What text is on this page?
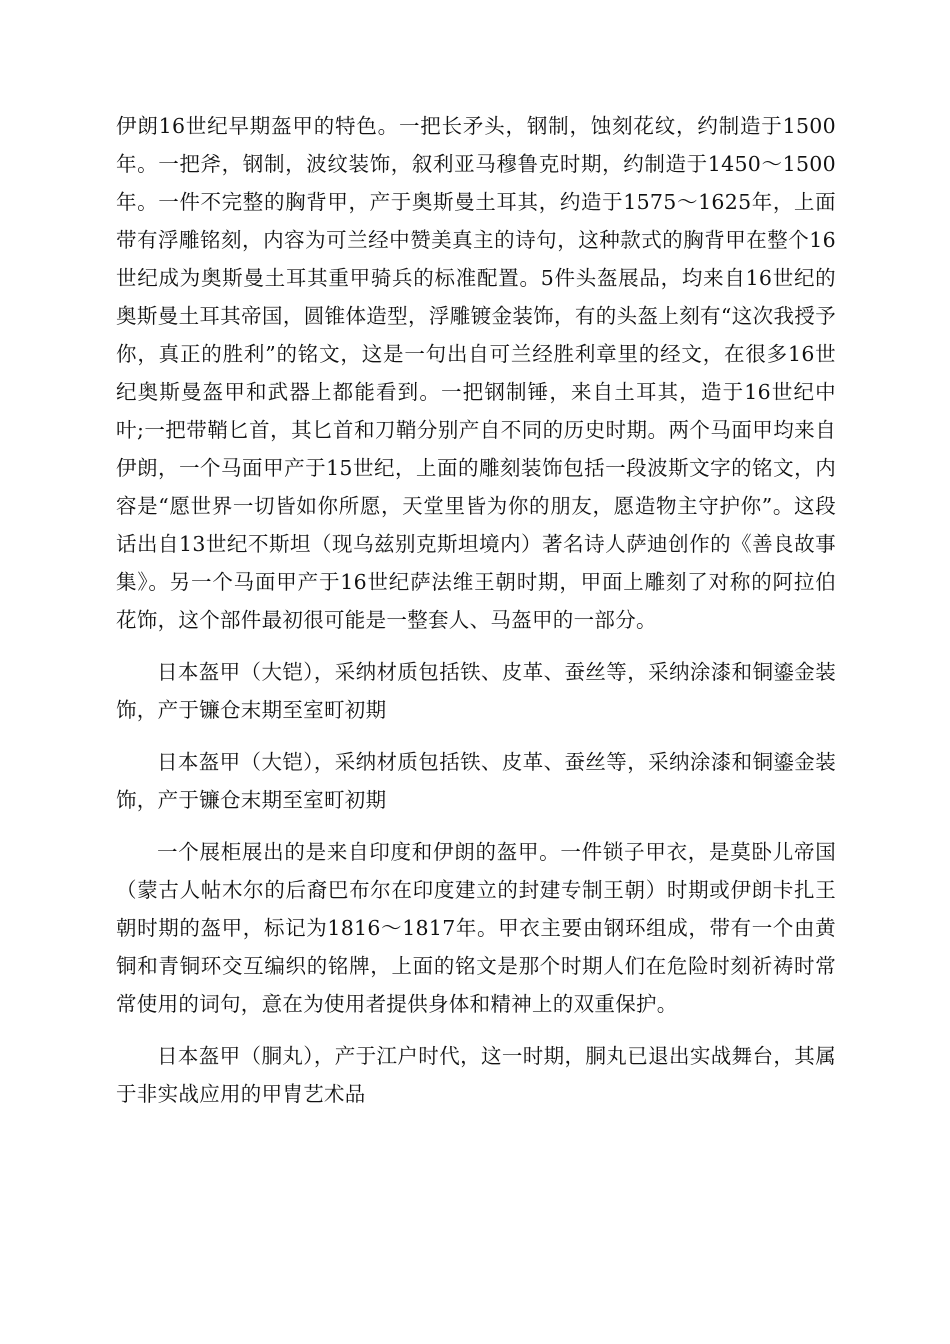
伊朗16世纪早期盔甲的特色。一把长矛头，钢制，蚀刻花纹，约制造于1500年。一把斧，钢制，波纹装饰，叙利亚马穆鲁克时期，约制造于1450～1500年。一件不完整的胸背甲，产于奥斯曼土耳其，约造于1575～1625年，上面带有浮雕铭刻，内容为可兰经中赞美真主的诗句，这种款式的胸背甲在整个16世纪成为奥斯曼土耳其重甲骑兵的标准配置。5件头盔展品，均来自16世纪的奥斯曼土耳其帝国，圆锥体造型，浮雕镀金装饰，有的头盔上刻有“这次我授予你，真正的胜利”的铭文，这是一句出自可兰经胜利章里的经文，在很多16世纪奥斯曼盔甲和武器上都能看到。一把钢制锤，来自土耳其，造于16世纪中叶;一把带鞘匕首，其匕首和刀鞘分别产自不同的历史时期。两个马面甲均来自伊朗，一个马面甲产于15世纪，上面的雕刻装饰包括一段波斯文字的铭文，内容是“愿世界一切皆如你所愿，天堂里皆为你的朋友，愿造物主守护你”。这段话出自13世纪不斯坦（现乌兹别克斯坦境内）著名诗人萨迪创作的《善良故事集》。另一个马面甲产于16世纪萨法维王朝时期，甲面上雕刻了对称的阿拉伯花饰，这个部件最初很可能是一整套人、马盔甲的一部分。

日本盔甲（大铠），采纳材质包括铁、皮革、蚕丝等，采纳涂漆和铜鎏金装饰，产于镰仓末期至室町初期

日本盔甲（大铠），采纳材质包括铁、皮革、蚕丝等，采纳涂漆和铜鎏金装饰，产于镰仓末期至室町初期

一个展柜展出的是来自印度和伊朗的盔甲。一件锁子甲衣，是莫卧儿帝国（蒙古人帖木尔的后裔巴布尔在印度建立的封建专制王朝）时期或伊朗卡扎王朝时期的盔甲，标记为1816～1817年。甲衣主要由钢环组成，带有一个由黄铜和青铜环交互编织的铭牌，上面的铭文是那个时期人们在危险时刻祈祷时常常使用的词句，意在为使用者提供身体和精神上的双重保护。

日本盔甲（胴丸），产于江户时代，这一时期，胴丸已退出实战舞台，其属于非实战应用的甲胄艺术品
